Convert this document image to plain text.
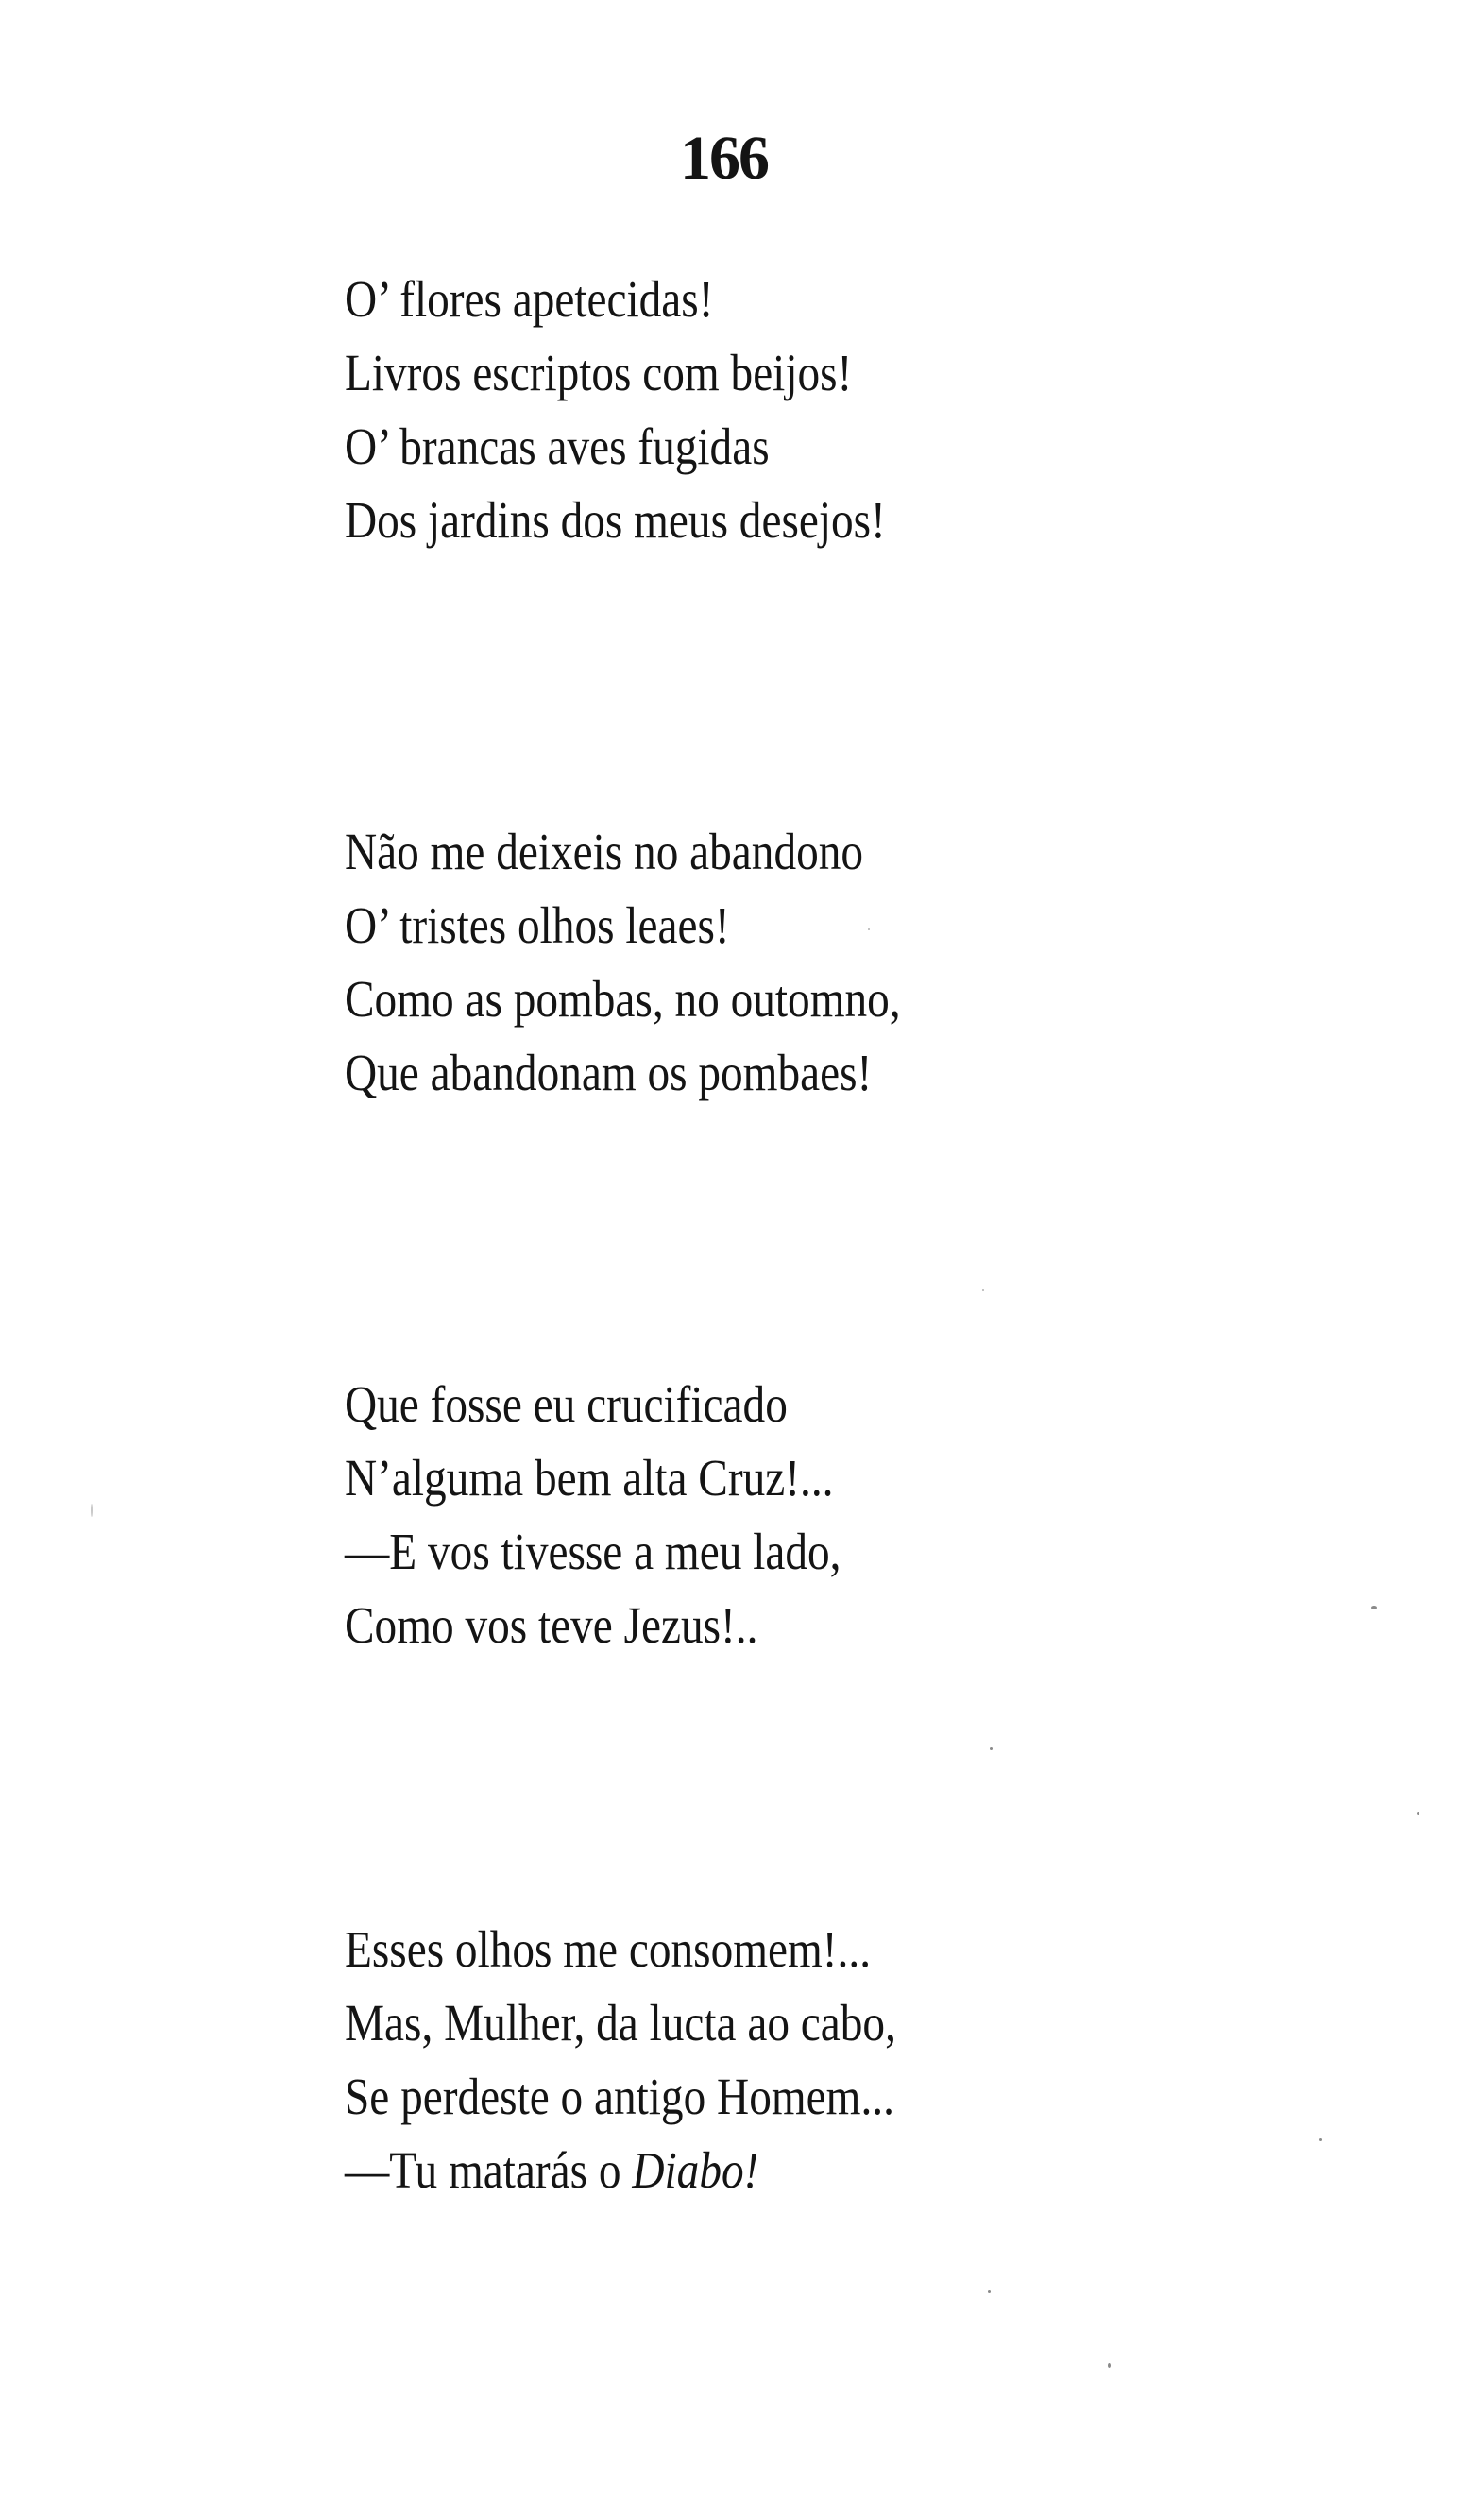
166
O’ flores apetecidas!
Livros escriptos com beijos!
O’ brancas aves fugidas
Dos jardins dos meus desejos!
Não me deixeis no abandono
O’ tristes olhos leaes!
Como as pombas, no outomno,
Que abandonam os pombaes!
Que fosse eu crucificado
N’alguma bem alta Cruz!...
—E vos tivesse a meu lado,
Como vos teve Jezus!..
Esses olhos me consomem!...
Mas, Mulher, da lucta ao cabo,
Se perdeste o antigo Homem...
—Tu matarás o Diabo!
